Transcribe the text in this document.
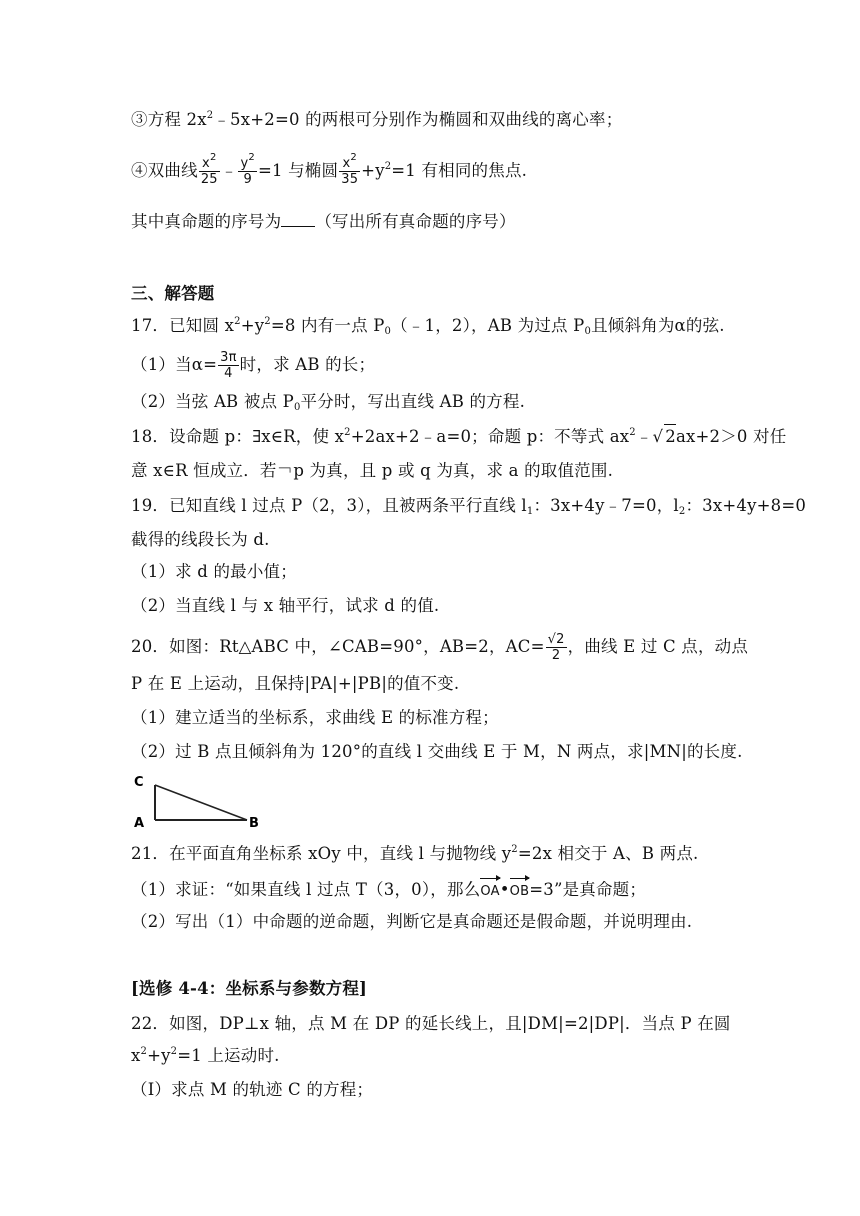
③方程 $2x^2﹣5x+2=0$ 的两根可分别作为椭圆和双曲线的离心率；
④双曲线 $\frac{x^2}{25}$ ﹣ $\frac{y^2}{9} =1$ 与椭圆 $\frac{x^2}{35} +y^2=1$ 有相同的焦点.
其中真命题的序号为 （写出所有真命题的序号）
三、解答题
17．已知圆 $x^2+y^2=8$ 内有一点 $P_0(﹣1$，2），AB 为过点 $P_0$且倾斜角为α的弦.
（1）当$\alpha= \frac{3\pi}{4}$ 时，求 AB 的长；
（2）当弦 AB 被点 $P_0$平分时，写出直线 AB 的方程.
18．设命题 p：∃x∈R，使 $x^2+2ax+2﹣a=0$；命题 p：不等式 $ax^2﹣√$ 2ax+2＞0 对任
意 x∈R 恒成立．若￢p 为真，且 p 或 q 为真，求 a 的取值范围.
19．已知直线 l 过点 P（2，3），且被两条平行直线 $l_1$：3x+4y﹣7=0，$l_2$：3x+4y+8=0
截得的线段长为 d.
（1）求 d 的最小值；
（2）当直线 l 与 x 轴平行，试求 d 的值.
20．如图：Rt△ABC 中，∠CAB=90°，AB=2，$AC= \frac{√2}{2}$ ，曲线 E 过 C 点，动点
P 在 E 上运动，且保持|PA|+|PB|的值不变.
（1）建立适当的坐标系，求曲线 E 的标准方程；
（2）过 B 点且倾斜角为 120°的直线 l 交曲线 E 于 M，N 两点，求|MN|的长度.
C
A	B
21．在平面直角坐标系 xOy 中，直线 l 与抛物线 $y^2=2x$ 相交于 A、B 两点.
（1）求证：“如果直线 l 过点 T（3，0），那么OA•OB=3”是真命题；
（2）写出（1）中命题的逆命题，判断它是真命题还是假命题，并说明理由.
[选修 4-4：坐标系与参数方程]
22．如图，DP⊥x 轴，点 M 在 DP 的延长线上，且|DM|=2|DP|．当点 P 在圆
$x^2+y^2=1$ 上运动时.
（I）求点 M 的轨迹 C 的方程；
